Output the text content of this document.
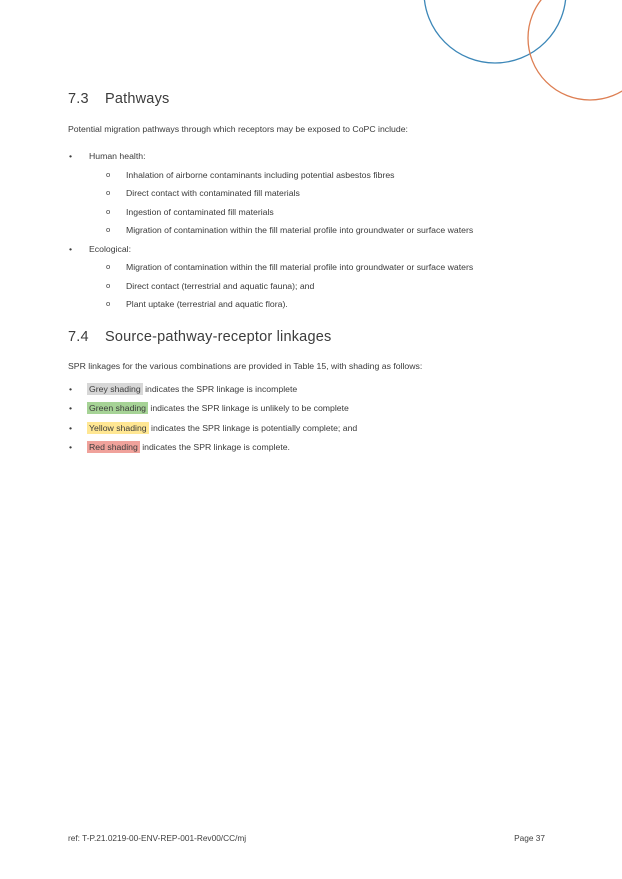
7.3	Pathways

Potential migration pathways through which receptors may be exposed to CoPC include:

•	Human health:
o	Inhalation of airborne contaminants including potential asbestos fibres
o	Direct contact with contaminated fill materials
o	Ingestion of contaminated fill materials
o	Migration of contamination within the fill material profile into groundwater or surface waters
•	Ecological:
o	Migration of contamination within the fill material profile into groundwater or surface waters
o	Direct contact (terrestrial and aquatic fauna); and
o	Plant uptake (terrestrial and aquatic flora).
7.4	Source-pathway-receptor linkages

SPR linkages for the various combinations are provided in Table 15, with shading as follows:

•	Grey shading indicates the SPR linkage is incomplete
•	Green shading indicates the SPR linkage is unlikely to be complete
•	Yellow shading indicates the SPR linkage is potentially complete; and
•	Red shading indicates the SPR linkage is complete.
ref: T-P.21.0219-00-ENV-REP-001-Rev00/CC/mj	Page 37
